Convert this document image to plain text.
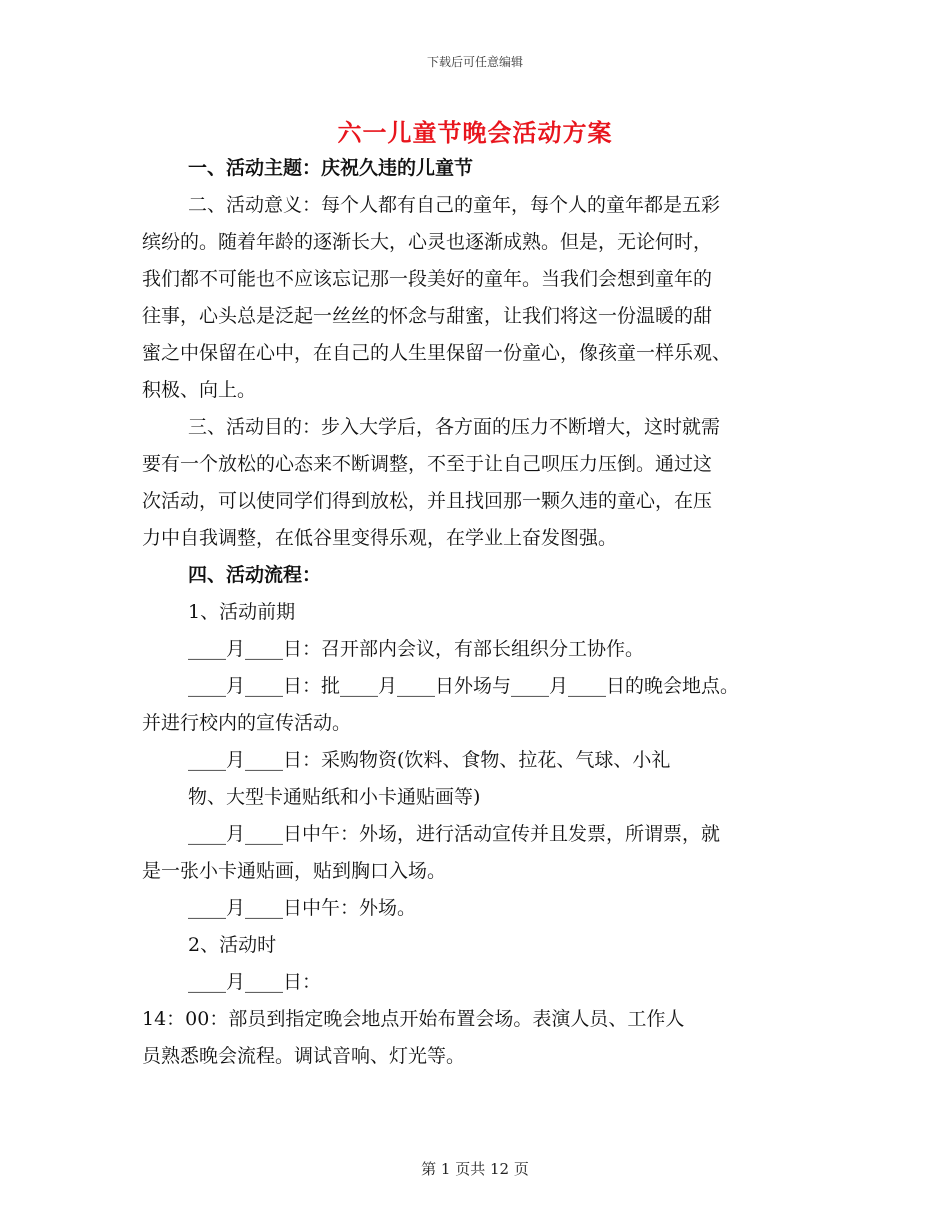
下载后可任意编辑
六一儿童节晚会活动方案

一、活动主题：庆祝久违的儿童节

二、活动意义：每个人都有自己的童年，每个人的童年都是五彩

缤纷的。随着年龄的逐渐长大，心灵也逐渐成熟。但是，无论何时，

我们都不可能也不应该忘记那一段美好的童年。当我们会想到童年的

往事，心头总是泛起一丝丝的怀念与甜蜜，让我们将这一份温暖的甜

蜜之中保留在心中，在自己的人生里保留一份童心，像孩童一样乐观、

积极、向上。

三、活动目的：步入大学后，各方面的压力不断增大，这时就需

要有一个放松的心态来不断调整，不至于让自己呗压力压倒。通过这

次活动，可以使同学们得到放松，并且找回那一颗久违的童心，在压

力中自我调整，在低谷里变得乐观，在学业上奋发图强。

四、活动流程：

1、活动前期

____月____日：召开部内会议，有部长组织分工协作。

____月____日：批____月____日外场与____月____日的晚会地点。

并进行校内的宣传活动。

____月____日：采购物资(饮料、食物、拉花、气球、小礼

物、大型卡通贴纸和小卡通贴画等)

____月____日中午：外场，进行活动宣传并且发票，所谓票，就

是一张小卡通贴画，贴到胸口入场。

____月____日中午：外场。

2、活动时

____月____日：

14：00：部员到指定晚会地点开始布置会场。表演人员、工作人

员熟悉晚会流程。调试音响、灯光等。

第 1 页共 12 页
